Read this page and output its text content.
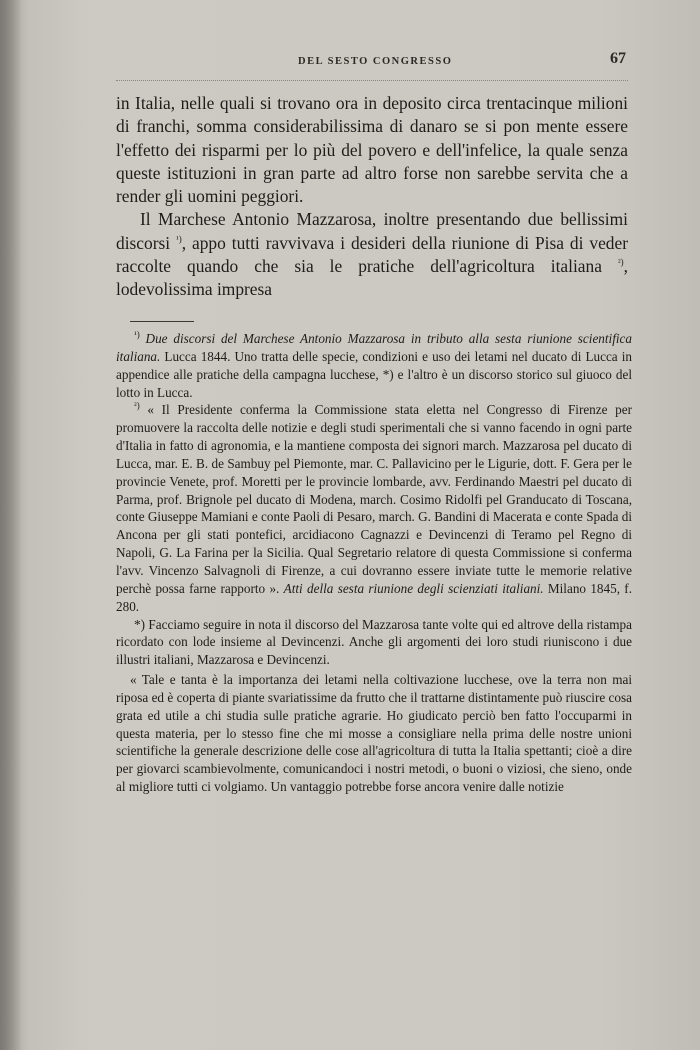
DEL SESTO CONGRESSO	67

in Italia, nelle quali si trovano ora in deposito circa trentacinque milioni di franchi, somma considerabilissima di danaro se si pon mente essere l'effetto dei risparmi per lo più del povero e dell'infelice, la quale senza queste istituzioni in gran parte ad altro forse non sarebbe servita che a render gli uomini peggiori.

Il Marchese Antonio Mazzarosa, inoltre presentando due bellissimi discorsi $^{^1)}$, appo tutti ravvivava i desideri della riunione di Pisa di veder raccolte quando che sia le pratiche dell'agricoltura italiana $^{^2)}$, lodevolissima impresa

$^{^1)}$ Due discorsi del Marchese Antonio Mazzarosa in tributo alla sesta riunione scientifica italiana. Lucca 1844. Uno tratta delle specie, condizioni e uso dei letami nel ducato di Lucca in appendice alle pratiche della campagna lucchese, *) e l'altro è un discorso storico sul giuoco del lotto in Lucca.

$^{^2)}$ « Il Presidente conferma la Commissione stata eletta nel Congresso di Firenze per promuovere la raccolta delle notizie e degli studi sperimentali che si vanno facendo in ogni parte d'Italia in fatto di agronomia, e la mantiene composta dei signori march. Mazzarosa pel ducato di Lucca, mar. E. B. de Sambuy pel Piemonte, mar. C. Pallavicino per le Ligurie, dott. F. Gera per le provincie Venete, prof. Moretti per le provincie lombarde, avv. Ferdinando Maestri pel ducato di Parma, prof. Brignole pel ducato di Modena, march. Cosimo Ridolfi pel Granducato di Toscana, conte Giuseppe Mamiani e conte Paoli di Pesaro, march. G. Bandini di Macerata e conte Spada di Ancona per gli stati pontefici, arcidiacono Cagnazzi e Devincenzi di Teramo pel Regno di Napoli, G. La Farina per la Sicilia. Qual Segretario relatore di questa Commissione si conferma l'avv. Vincenzo Salvagnoli di Firenze, a cui dovranno essere inviate tutte le memorie relative perchè possa farne rapporto ». Atti della sesta riunione degli scienziati italiani. Milano 1845, f. 280.

*) Facciamo seguire in nota il discorso del Mazzarosa tante volte qui ed altrove della ristampa ricordato con lode insieme al Devincenzi. Anche gli argomenti dei loro studi riuniscono i due illustri italiani, Mazzarosa e Devincenzi.

« Tale e tanta è la importanza dei letami nella coltivazione lucchese, ove la terra non mai riposa ed è coperta di piante svariatissime da frutto che il trattarne distintamente può riuscire cosa grata ed utile a chi studia sulle pratiche agrarie. Ho giudicato perciò ben fatto l'occuparmi in questa materia, per lo stesso fine che mi mosse a consigliare nella prima delle nostre unioni scientifiche la generale descrizione delle cose all'agricoltura di tutta la Italia spettanti; cioè a dire per giovarci scambievolmente, comunicandoci i nostri metodi, o buoni o viziosi, che sieno, onde al migliore tutti ci volgiamo. Un vantaggio potrebbe forse ancora venire dalle notizie
